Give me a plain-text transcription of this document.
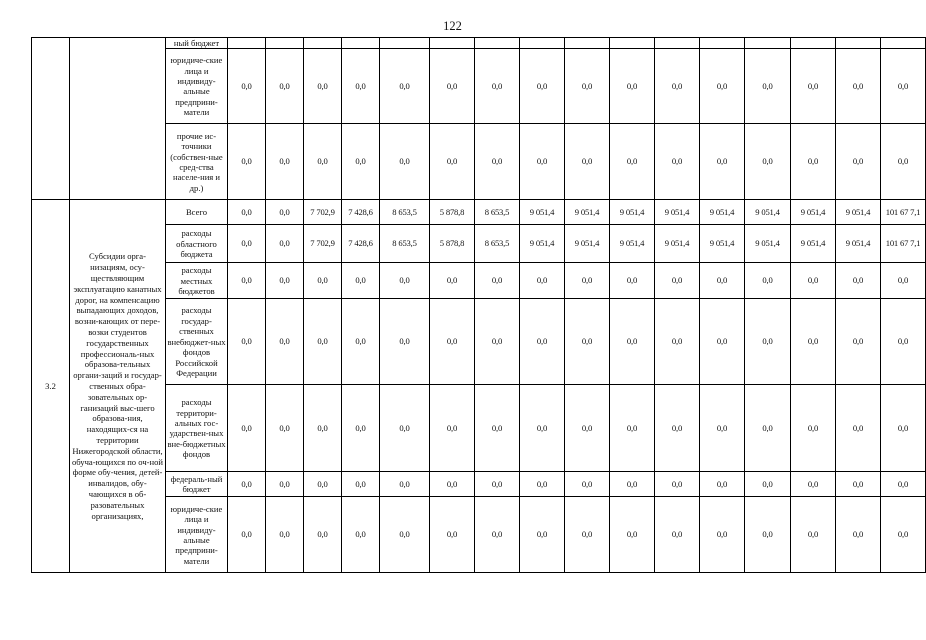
122
		ный бюджет																
		юридиче-ские лица и индивиду-альные предприни-матели	0,0	0,0	0,0	0,0	0,0	0,0	0,0	0,0	0,0	0,0	0,0	0,0	0,0	0,0	0,0	0,0
		прочие ис-точники (собствен-ные сред-ства населе-ния и др.)	0,0	0,0	0,0	0,0	0,0	0,0	0,0	0,0	0,0	0,0	0,0	0,0	0,0	0,0	0,0	0,0
3.2	Субсидии орга-низациям, осу-ществляющим эксплуатацию канатных дорог, на компенсацию выпадающих доходов, возни-кающих от пере-возки студентов государственных профессиональ-ных образова-тельных органи-заций и государ-ственных обра-зовательных ор-ганизаций выс-шего образова-ния, находящих-ся на территории Нижегородской области, обуча-ющихся по оч-ной форме обу-чения, детей-инвалидов, обу-чающихся в об-разовательных организациях,	Всего	0,0	0,0	7 702,9	7 428,6	8 653,5	5 878,8	8 653,5	9 051,4	9 051,4	9 051,4	9 051,4	9 051,4	9 051,4	9 051,4	9 051,4	101 67 7,1
		расходы областного бюджета	0,0	0,0	7 702,9	7 428,6	8 653,5	5 878,8	8 653,5	9 051,4	9 051,4	9 051,4	9 051,4	9 051,4	9 051,4	9 051,4	9 051,4	101 67 7,1
		расходы местных бюджетов	0,0	0,0	0,0	0,0	0,0	0,0	0,0	0,0	0,0	0,0	0,0	0,0	0,0	0,0	0,0	0,0
		расходы государ-ственных внебюджет-ных фондов Российской Федерации	0,0	0,0	0,0	0,0	0,0	0,0	0,0	0,0	0,0	0,0	0,0	0,0	0,0	0,0	0,0	0,0
		расходы территори-альных гос-ударствен-ных вне-бюджетных фондов	0,0	0,0	0,0	0,0	0,0	0,0	0,0	0,0	0,0	0,0	0,0	0,0	0,0	0,0	0,0	0,0
		федераль-ный бюджет	0,0	0,0	0,0	0,0	0,0	0,0	0,0	0,0	0,0	0,0	0,0	0,0	0,0	0,0	0,0	0,0
		юридиче-ские лица и индивиду-альные предприни-матели	0,0	0,0	0,0	0,0	0,0	0,0	0,0	0,0	0,0	0,0	0,0	0,0	0,0	0,0	0,0	0,0
